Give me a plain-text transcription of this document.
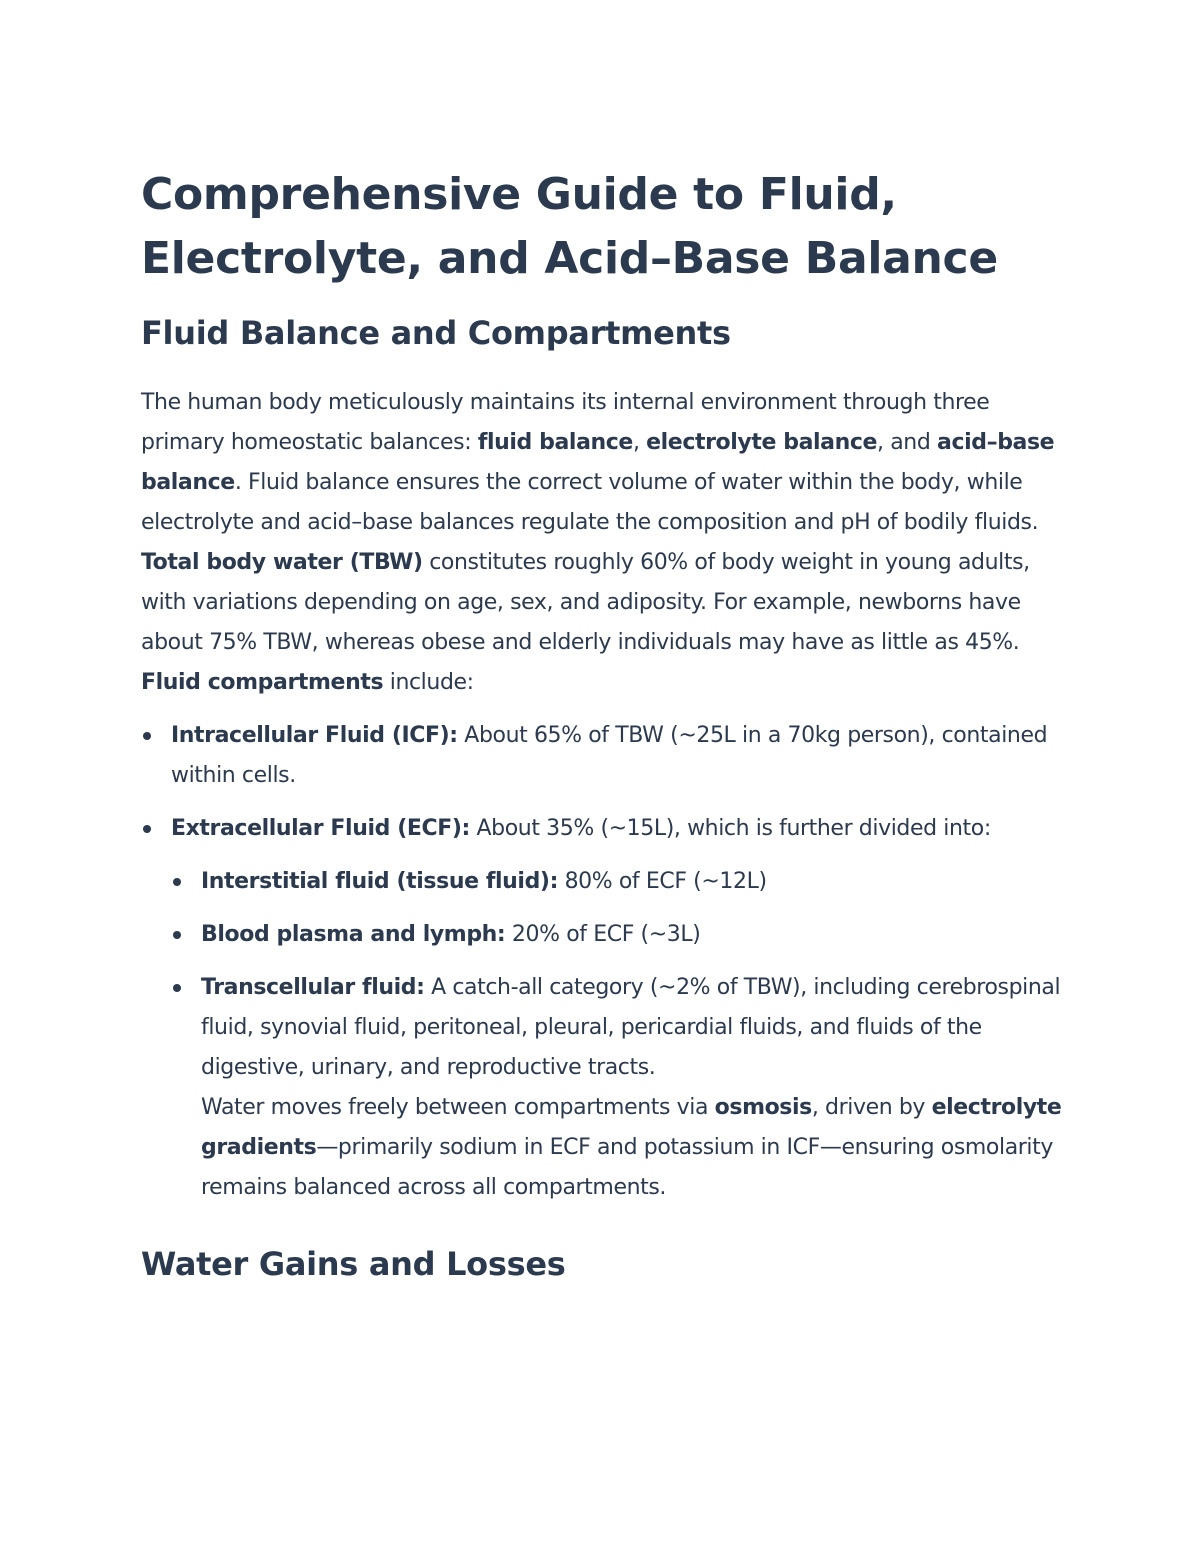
Comprehensive Guide to Fluid, Electrolyte, and Acid–Base Balance
Fluid Balance and Compartments

The human body meticulously maintains its internal environment through three primary homeostatic balances: fluid balance, electrolyte balance, and acid–base balance. Fluid balance ensures the correct volume of water within the body, while electrolyte and acid–base balances regulate the composition and pH of bodily fluids.

Total body water (TBW) constitutes roughly 60% of body weight in young adults, with variations depending on age, sex, and adiposity. For example, newborns have about 75% TBW, whereas obese and elderly individuals may have as little as 45%.

Fluid compartments include:

Intracellular Fluid (ICF): About 65% of TBW (~25L in a 70kg person), contained within cells.
Extracellular Fluid (ECF): About 35% (~15L), which is further divided into:
Interstitial fluid (tissue fluid): 80% of ECF (~12L)
Blood plasma and lymph: 20% of ECF (~3L)
Transcellular fluid: A catch-all category (~2% of TBW), including cerebrospinal fluid, synovial fluid, peritoneal, pleural, pericardial fluids, and fluids of the digestive, urinary, and reproductive tracts.
Water moves freely between compartments via osmosis, driven by electrolyte gradients—primarily sodium in ECF and potassium in ICF—ensuring osmolarity remains balanced across all compartments.
Water Gains and Losses
